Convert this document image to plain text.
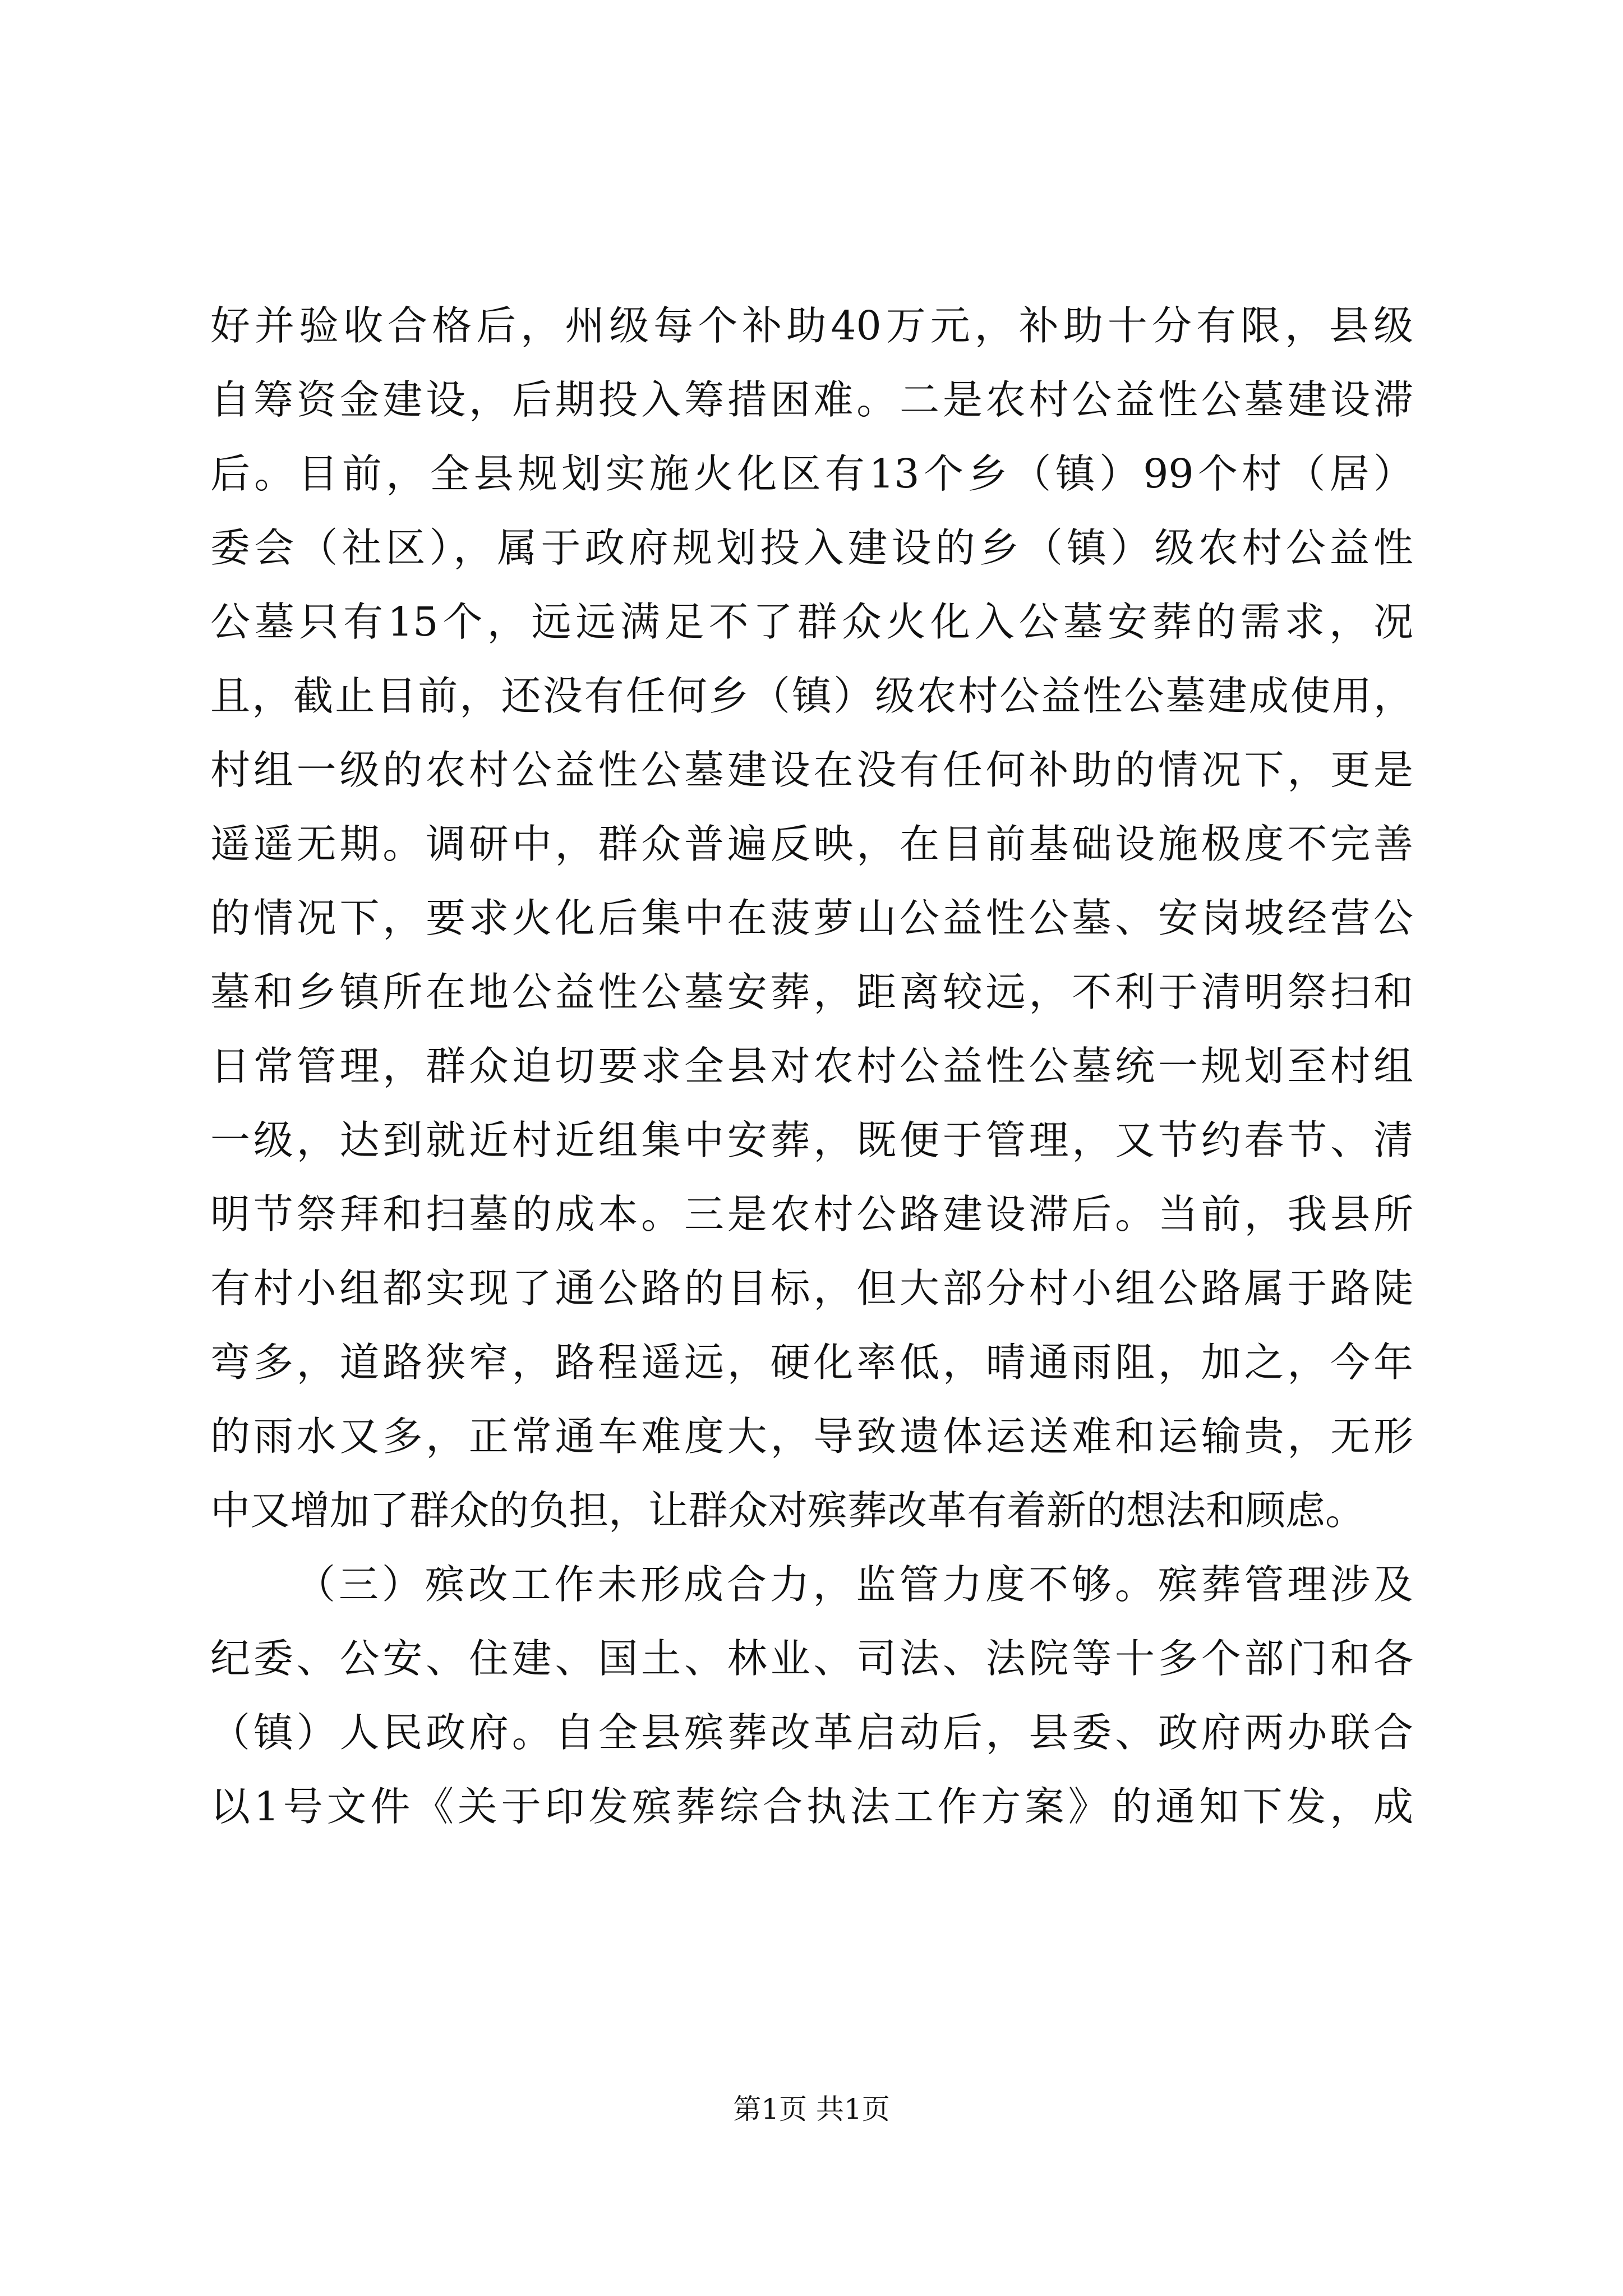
好并验收合格后，州级每个补助40万元，补助十分有限，县级
自筹资金建设，后期投入筹措困难。二是农村公益性公墓建设滞
后。目前，全县规划实施火化区有13个乡（镇）99个村（居）
委会（社区），属于政府规划投入建设的乡（镇）级农村公益性
公墓只有15个，远远满足不了群众火化入公墓安葬的需求，况
且，截止目前，还没有任何乡（镇）级农村公益性公墓建成使用，
村组一级的农村公益性公墓建设在没有任何补助的情况下，更是
遥遥无期。调研中，群众普遍反映，在目前基础设施极度不完善
的情况下，要求火化后集中在菠萝山公益性公墓、安岗坡经营公
墓和乡镇所在地公益性公墓安葬，距离较远，不利于清明祭扫和
日常管理，群众迫切要求全县对农村公益性公墓统一规划至村组
一级，达到就近村近组集中安葬，既便于管理，又节约春节、清
明节祭拜和扫墓的成本。三是农村公路建设滞后。当前，我县所
有村小组都实现了通公路的目标，但大部分村小组公路属于路陡
弯多，道路狭窄，路程遥远，硬化率低，晴通雨阻，加之，今年
的雨水又多，正常通车难度大，导致遗体运送难和运输贵，无形
中又增加了群众的负担，让群众对殡葬改革有着新的想法和顾虑。
（三）殡改工作未形成合力，监管力度不够。殡葬管理涉及
纪委、公安、住建、国土、林业、司法、法院等十多个部门和各
（镇）人民政府。自全县殡葬改革启动后，县委、政府两办联合
以1号文件《关于印发殡葬综合执法工作方案》的通知下发，成
第1页 共1页
